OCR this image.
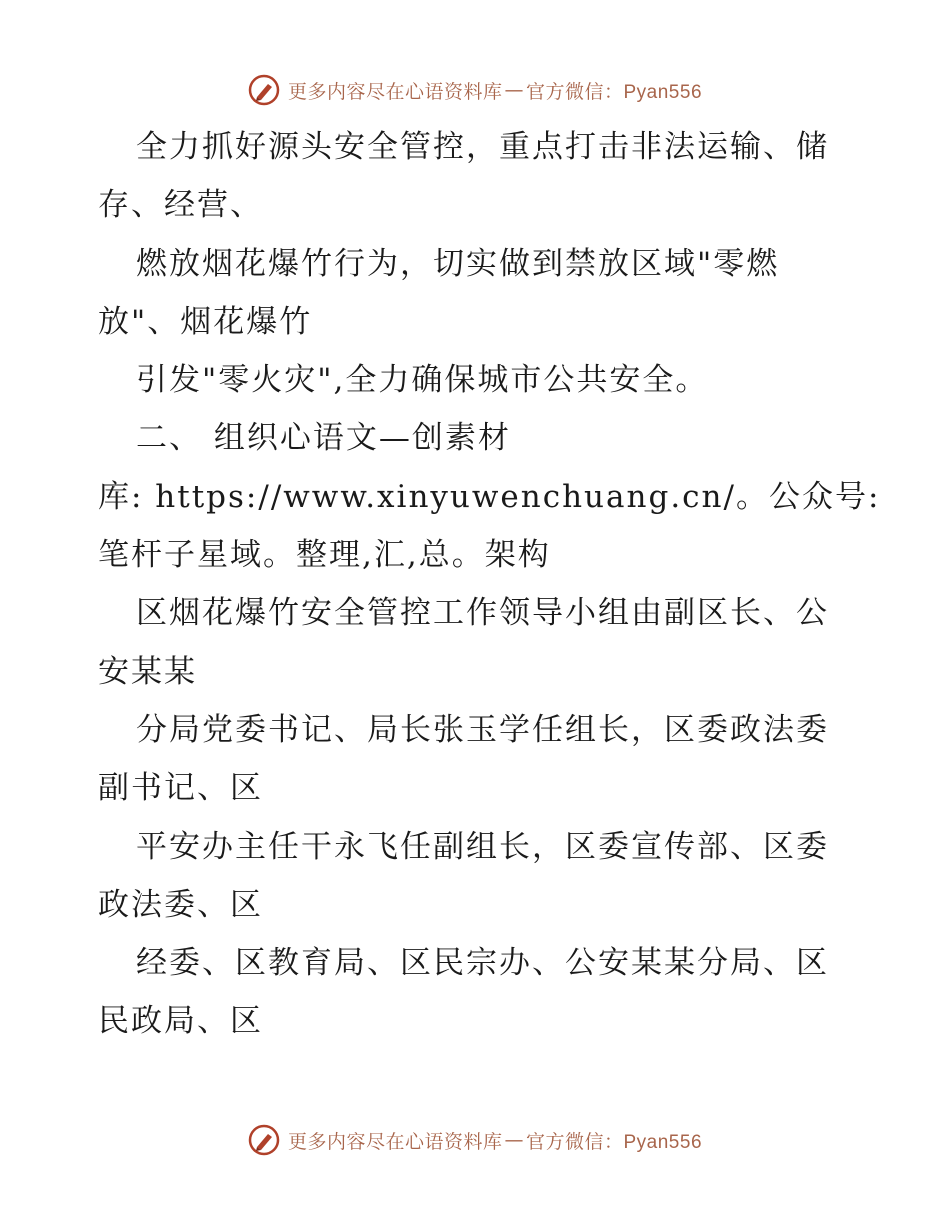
更多内容尽在心语资料库 — 官方微信：Pyan556
全力抓好源头安全管控，重点打击非法运输、储
存、经营、
燃放烟花爆竹行为，切实做到禁放区域"零燃
放"、烟花爆竹
引发"零火灾",全力确保城市公共安全。
二、 组织心语文—创素材
库: https://www.xinyuwenchuang.cn/。公众号:
笔杆子星域。整理,汇,总。架构
区烟花爆竹安全管控工作领导小组由副区长、公
安某某
分局党委书记、局长张玉学任组长，区委政法委
副书记、区
平安办主任干永飞任副组长，区委宣传部、区委
政法委、区
经委、区教育局、区民宗办、公安某某分局、区
民政局、区
更多内容尽在心语资料库 — 官方微信：Pyan556
